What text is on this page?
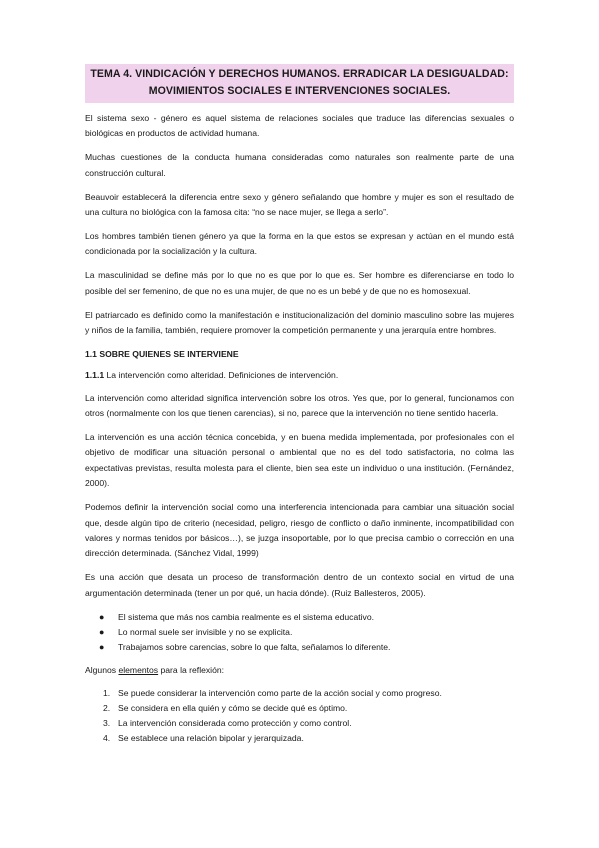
TEMA 4. VINDICACIÓN Y DERECHOS HUMANOS. ERRADICAR LA DESIGUALDAD:
MOVIMIENTOS SOCIALES E INTERVENCIONES SOCIALES.

El sistema sexo - género es aquel sistema de relaciones sociales que traduce las diferencias sexuales o biológicas en productos de actividad humana.

Muchas cuestiones de la conducta humana consideradas como naturales son realmente parte de una construcción cultural.

Beauvoir establecerá la diferencia entre sexo y género señalando que hombre y mujer es son el resultado de una cultura no biológica con la famosa cita: “no se nace mujer, se llega a serlo”.

Los hombres también tienen género ya que la forma en la que estos se expresan y actúan en el mundo está condicionada por la socialización y la cultura.

La masculinidad se define más por lo que no es que por lo que es. Ser hombre es diferenciarse en todo lo posible del ser femenino, de que no es una mujer, de que no es un bebé y de que no es homosexual.

El patriarcado es definido como la manifestación e institucionalización del dominio masculino sobre las mujeres y niños de la familia, también, requiere promover la competición permanente y una jerarquía entre hombres.

1.1 SOBRE QUIENES SE INTERVIENE

1.1.1 La intervención como alteridad. Definiciones de intervención.

La intervención como alteridad significa intervención sobre los otros. Yes que, por lo general, funcionamos con otros (normalmente con los que tienen carencias), si no, parece que la intervención no tiene sentido hacerla.

La intervención es una acción técnica concebida, y en buena medida implementada, por profesionales con el objetivo de modificar una situación personal o ambiental que no es del todo satisfactoria, no colma las expectativas previstas, resulta molesta para el cliente, bien sea este un individuo o una institución. (Fernández, 2000).

Podemos definir la intervención social como una interferencia intencionada para cambiar una situación social que, desde algún tipo de criterio (necesidad, peligro, riesgo de conflicto o daño inminente, incompatibilidad con valores y normas tenidos por básicos…), se juzga insoportable, por lo que precisa cambio o corrección en una dirección determinada. (Sánchez Vidal, 1999)

Es una acción que desata un proceso de transformación dentro de un contexto social en virtud de una argumentación determinada (tener un por qué, un hacia dónde). (Ruiz Ballesteros, 2005).

● El sistema que más nos cambia realmente es el sistema educativo.
● Lo normal suele ser invisible y no se explicita.
● Trabajamos sobre carencias, sobre lo que falta, señalamos lo diferente.

Algunos elementos para la reflexión:

1. Se puede considerar la intervención como parte de la acción social y como progreso.
2. Se considera en ella quién y cómo se decide qué es óptimo.
3. La intervención considerada como protección y como control.
4. Se establece una relación bipolar y jerarquizada.
